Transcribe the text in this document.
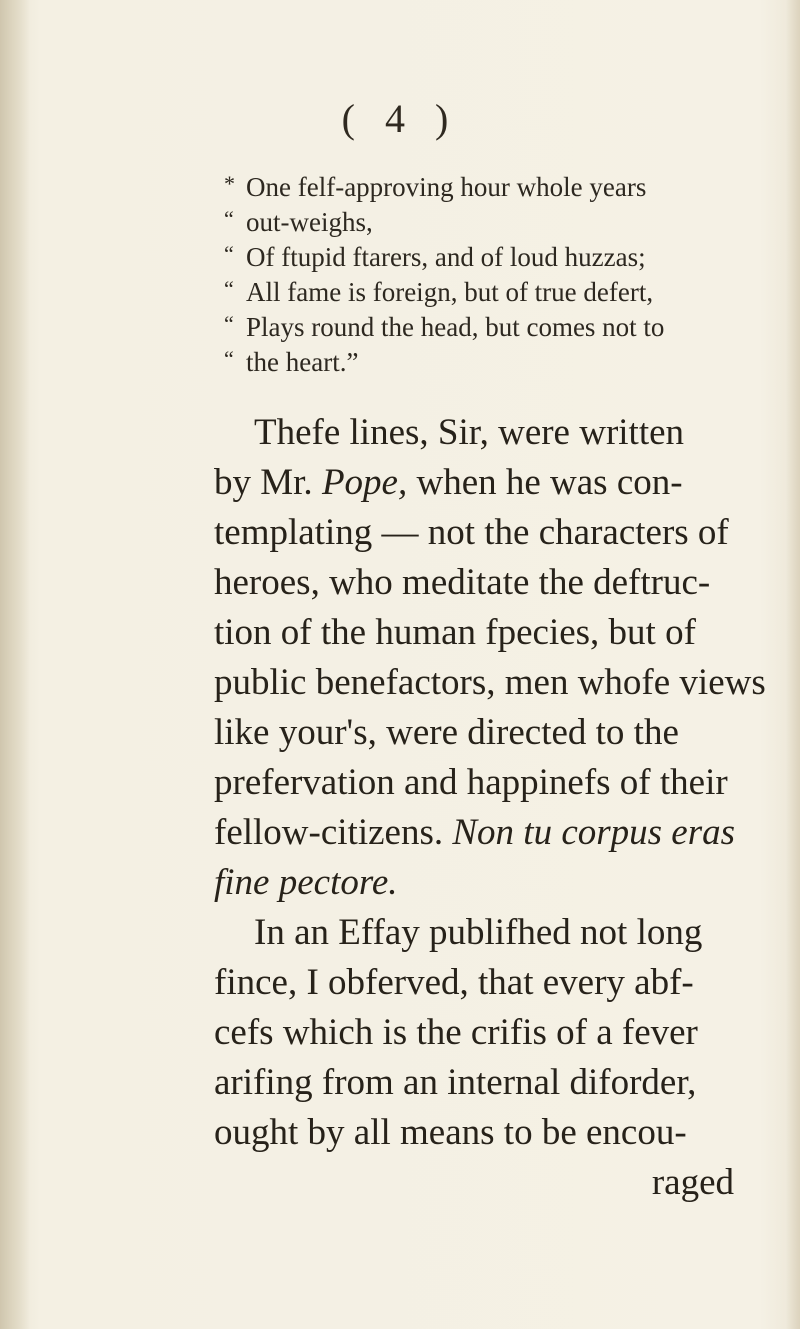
( 4 )
* One felf-approving hour whole years
“ out-weighs,
“ Of ftupid ftarers, and of loud huzzas;
“ All fame is foreign, but of true defert,
“ Plays round the head, but comes not to
“ the heart.”
Thefe lines, Sir, were written
by Mr. Pope, when he was con-
templating — not the characters of
heroes, who meditate the deftruc-
tion of the human fpecies, but of
public benefactors, men whofe views
like your's, were directed to the
prefervation and happinefs of their
fellow-citizens. Non tu corpus eras
fine pectore.
In an Effay publifhed not long
fince, I obferved, that every abf-
cefs which is the crifis of a fever
arifing from an internal diforder,
ought by all means to be encou-
raged
